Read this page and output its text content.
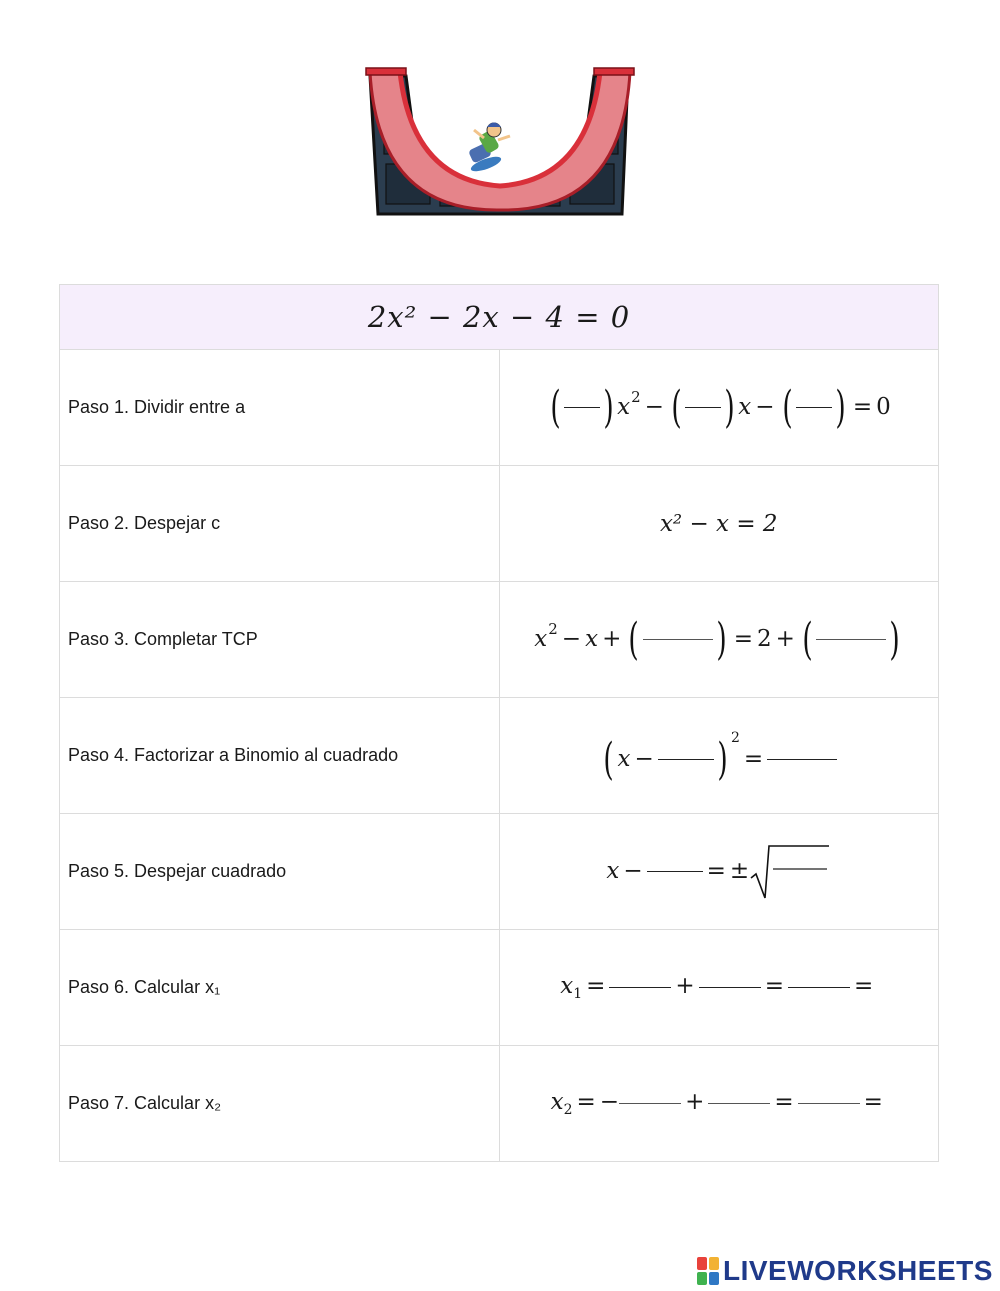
2x² − 2x − 4 = 0	

Paso 1. Dividir entre a	( ) $x^2$ − ( ) x − ( ) = 0

Paso 2. Despejar c	x² − x = 2

Paso 3. Completar TCP	$x^2 - x$ + ( ) = 2 + ( )

Paso 4. Factorizar a Binomio al cuadrado	( x − ) $^2$=

Paso 5. Despejar cuadrado	x − = ±

Paso 6. Calcular x₁	$x_1$ = + = =

Paso 7. Calcular x₂	$x_2$ = − + = =
LIVEWORKSHEETS
